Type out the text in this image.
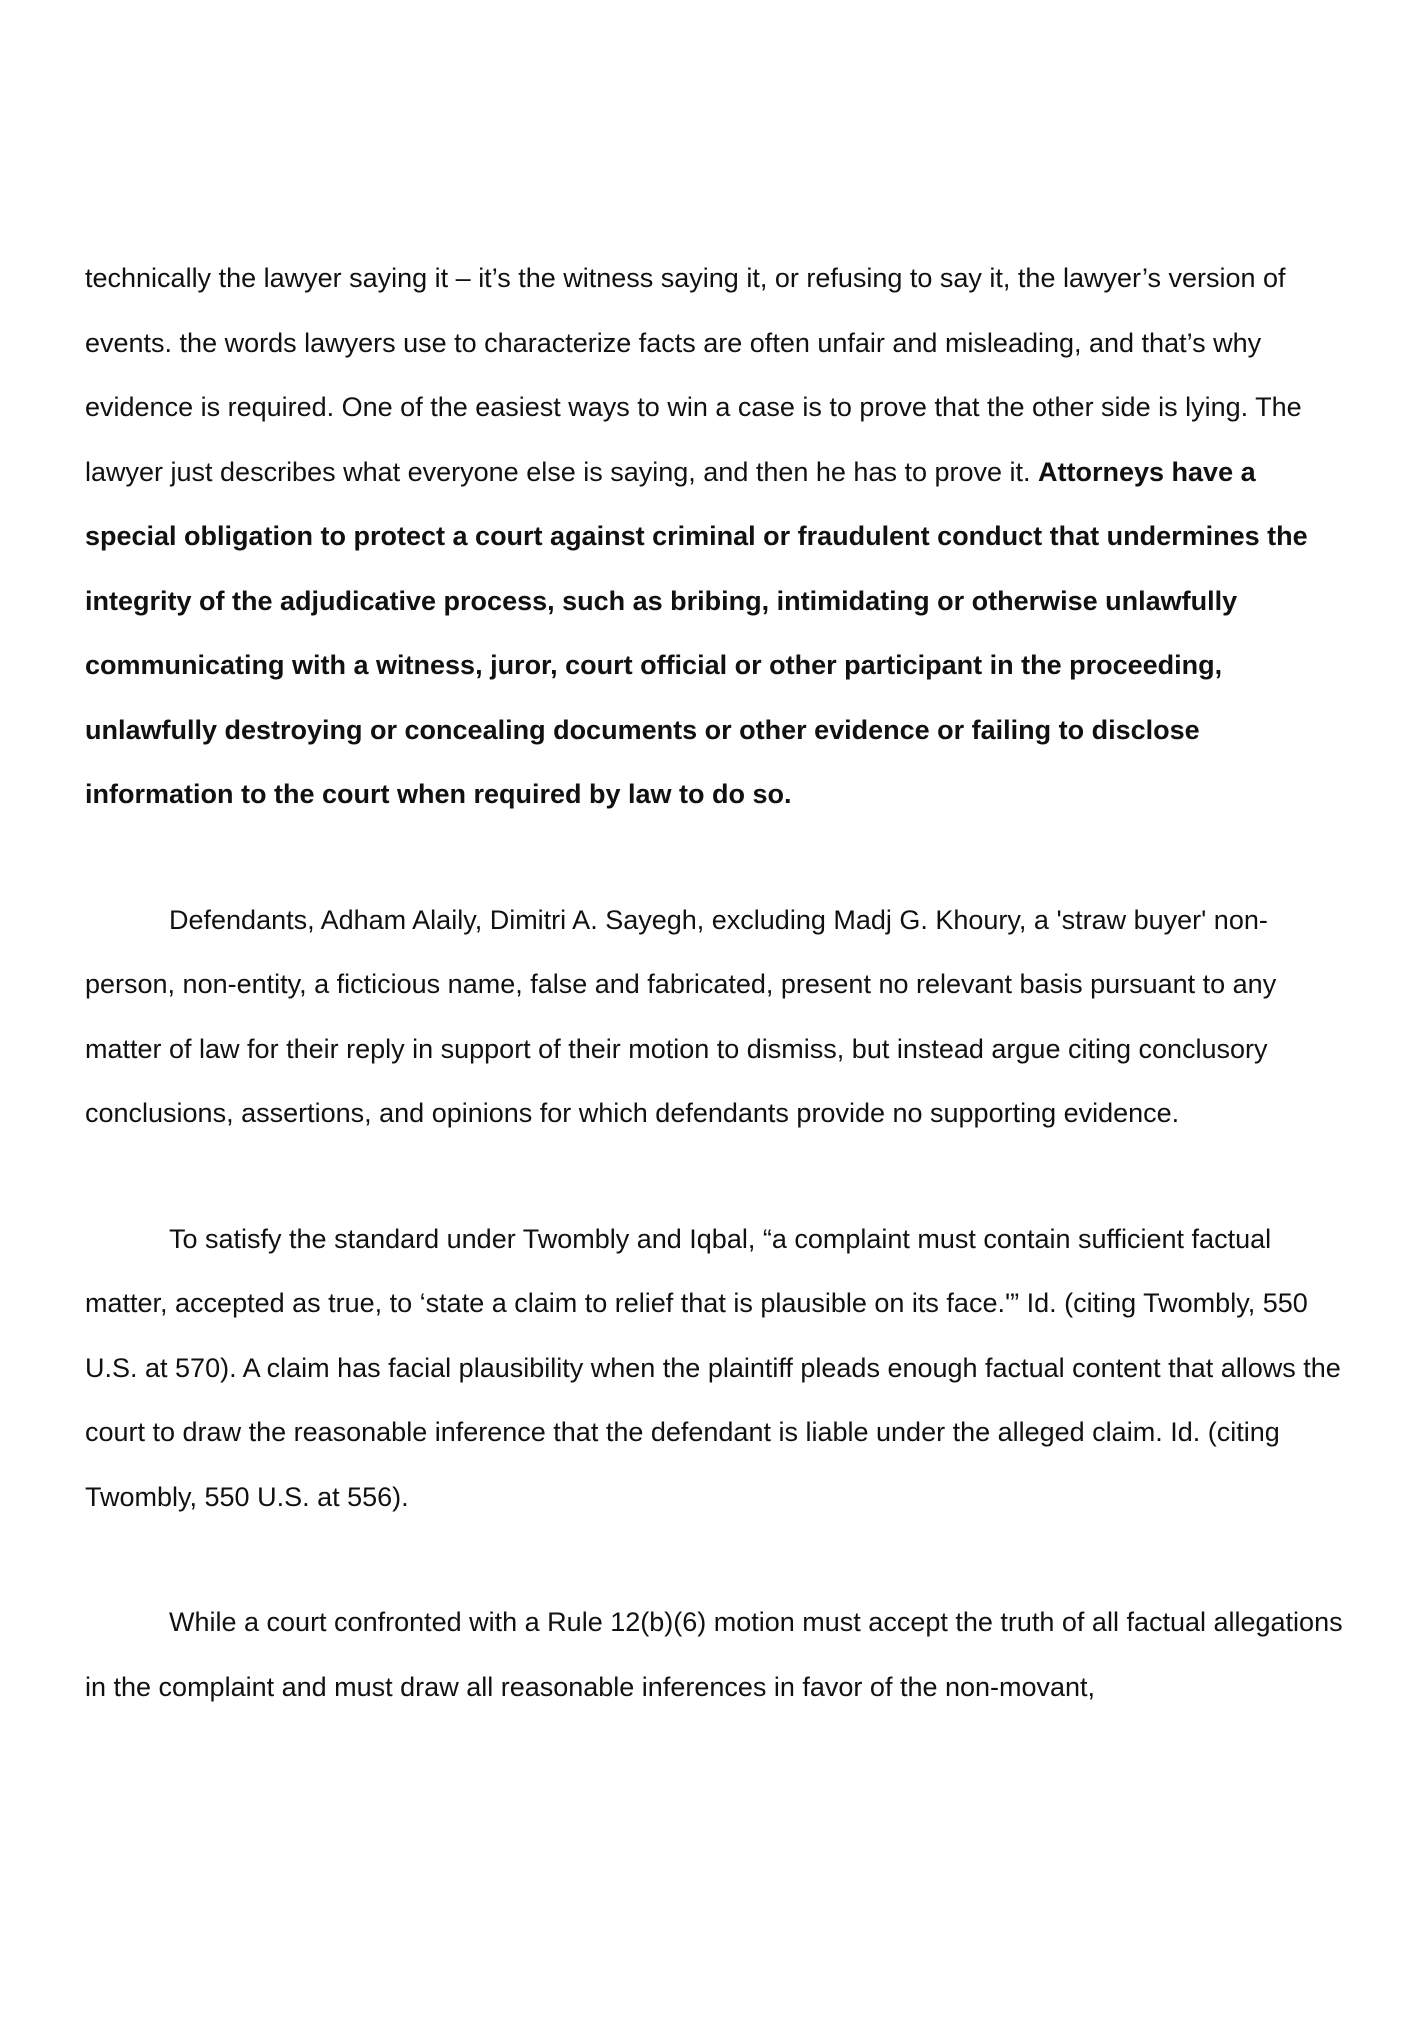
technically the lawyer saying it – it’s the witness saying it, or refusing to say it, the lawyer’s version of events. the words lawyers use to characterize facts are often unfair and misleading, and that’s why evidence is required. One of the easiest ways to win a case is to prove that the other side is lying. The lawyer just describes what everyone else is saying, and then he has to prove it. Attorneys have a special obligation to protect a court against criminal or fraudulent conduct that undermines the integrity of the adjudicative process, such as bribing, intimidating or otherwise unlawfully communicating with a witness, juror, court official or other participant in the proceeding, unlawfully destroying or concealing documents or other evidence or failing to disclose information to the court when required by law to do so.

Defendants, Adham Alaily, Dimitri A. Sayegh, excluding Madj G. Khoury, a 'straw buyer' non-person, non-entity, a ficticious name, false and fabricated, present no relevant basis pursuant to any matter of law for their reply in support of their motion to dismiss, but instead argue citing conclusory conclusions, assertions, and opinions for which defendants provide no supporting evidence.

To satisfy the standard under Twombly and Iqbal, “a complaint must contain sufficient factual matter, accepted as true, to ‘state a claim to relief that is plausible on its face.'” Id. (citing Twombly, 550 U.S. at 570). A claim has facial plausibility when the plaintiff pleads enough factual content that allows the court to draw the reasonable inference that the defendant is liable under the alleged claim. Id. (citing Twombly, 550 U.S. at 556).

While a court confronted with a Rule 12(b)(6) motion must accept the truth of all factual allegations in the complaint and must draw all reasonable inferences in favor of the non-movant,
